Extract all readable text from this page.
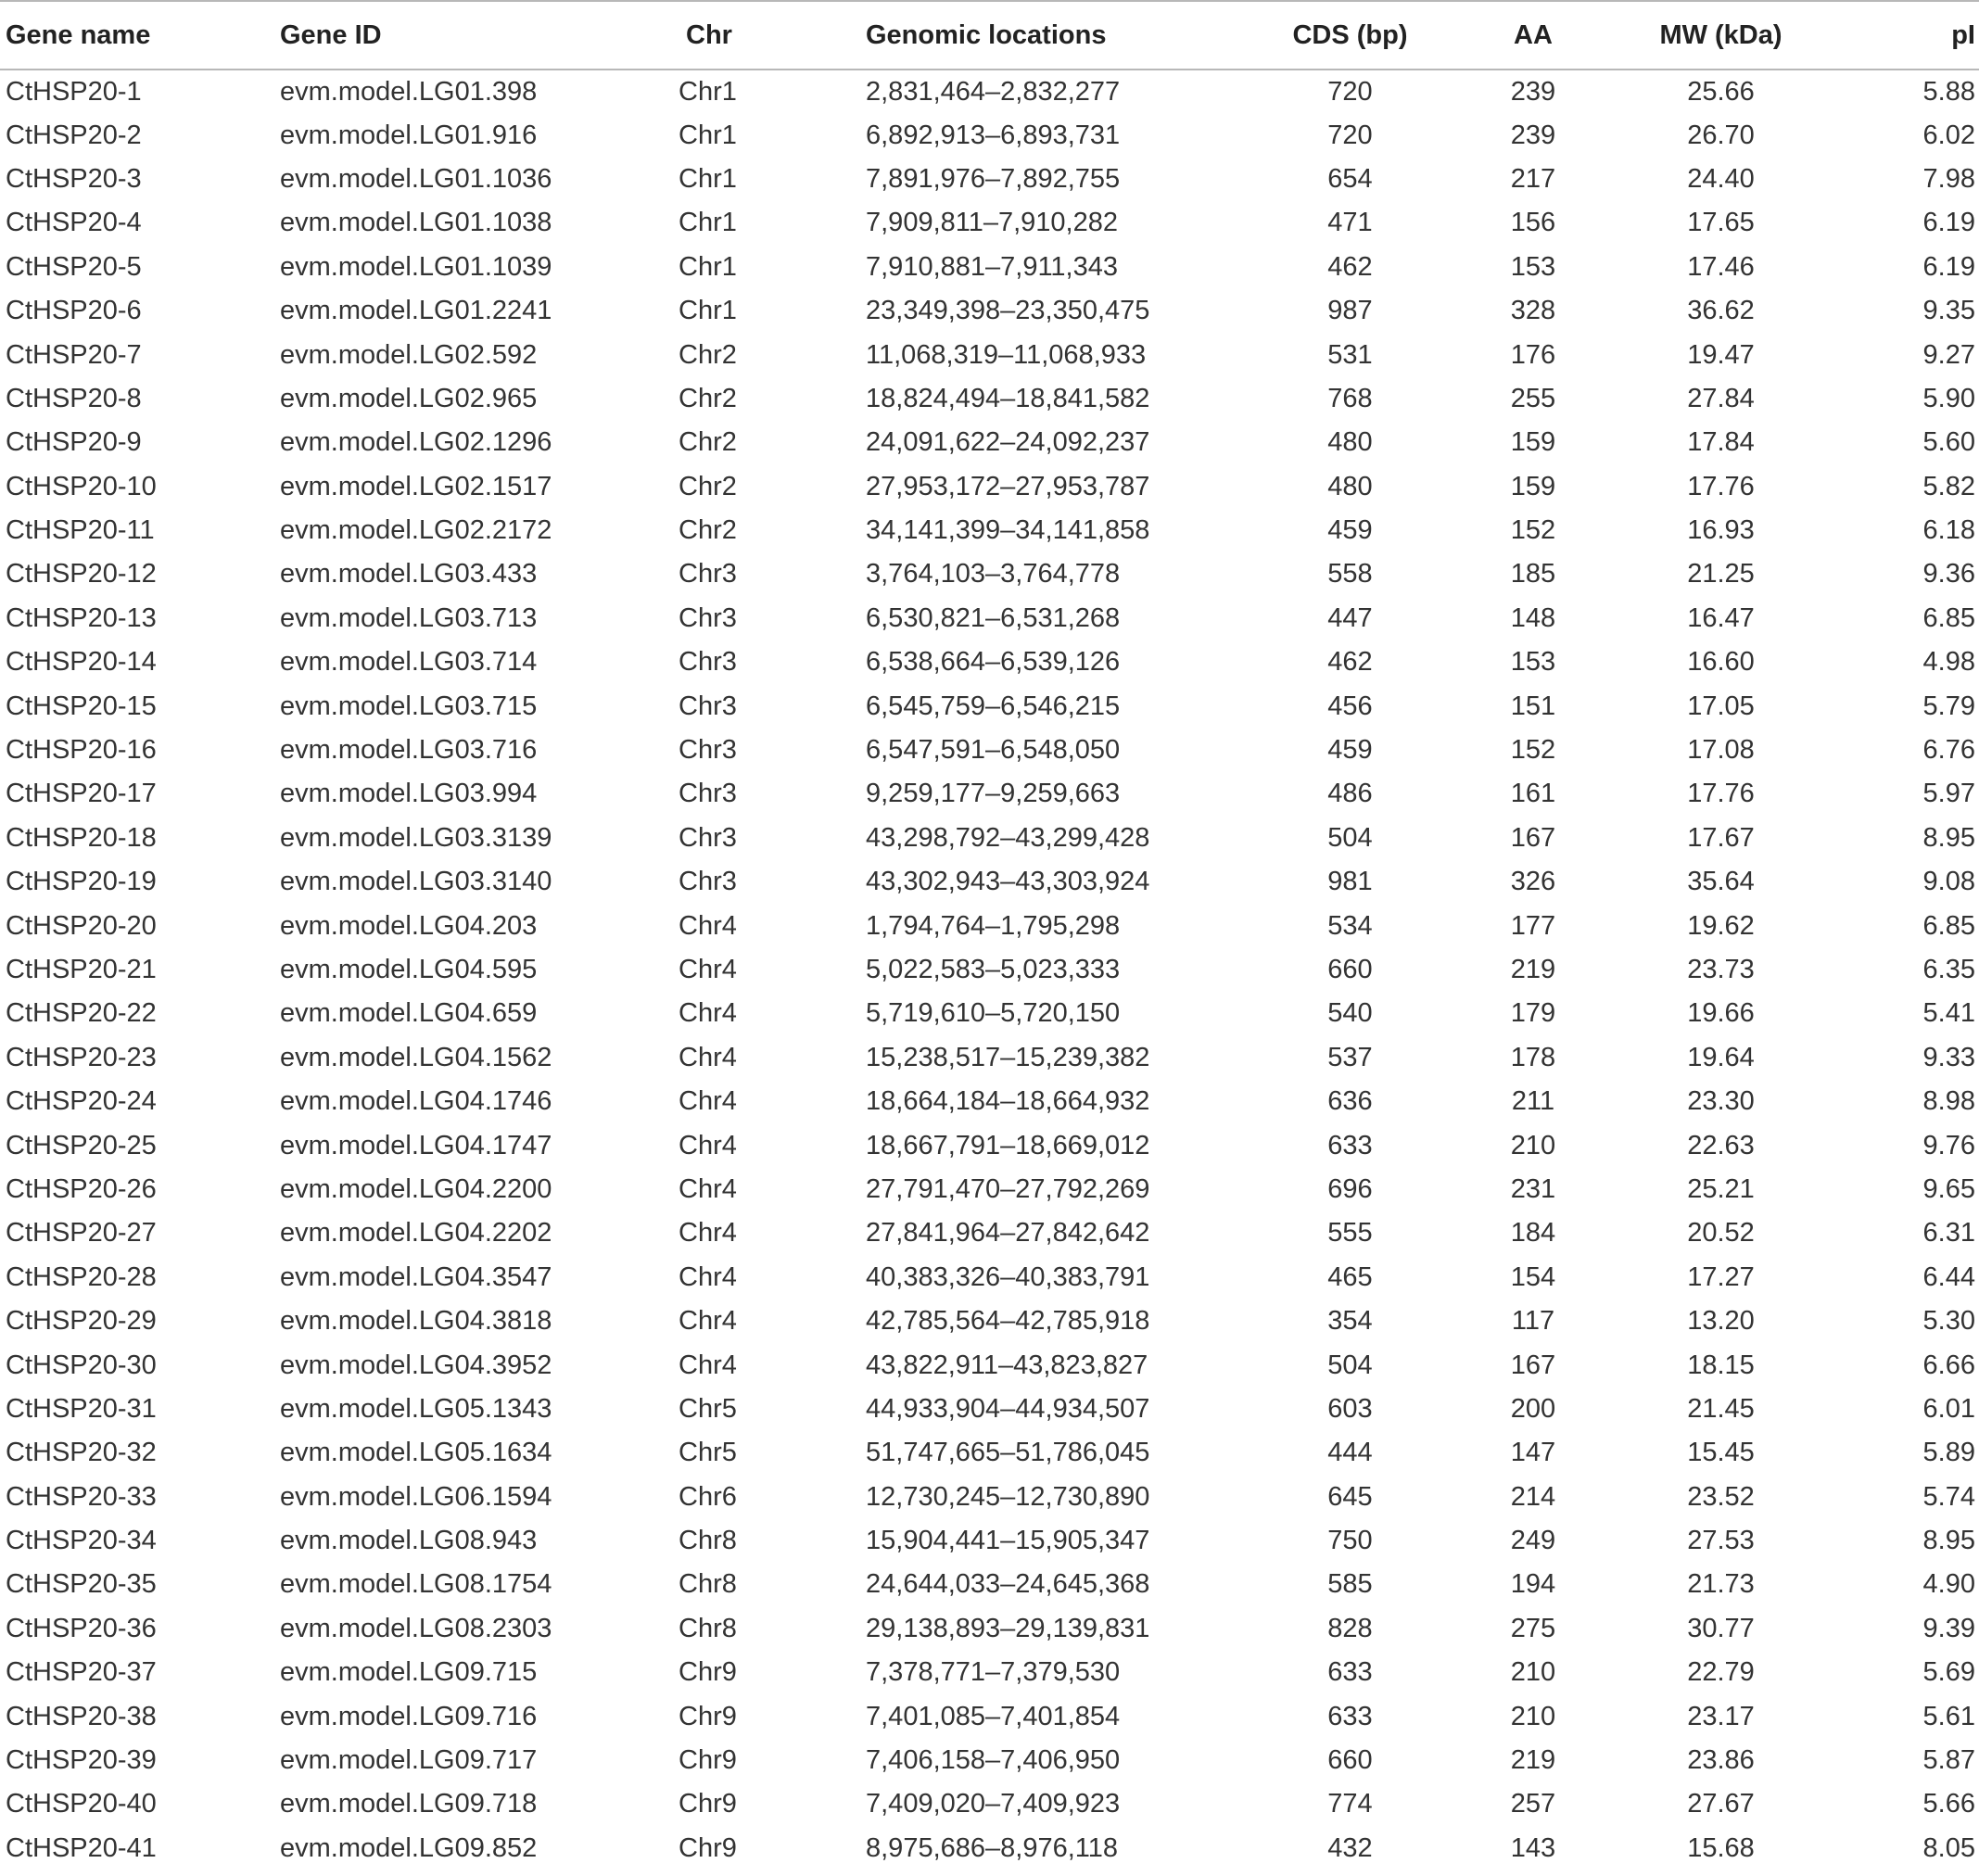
Gene name	Gene ID	Chr	Genomic locations	CDS (bp)	AA	MW (kDa)	pI
CtHSP20-1	evm.model.LG01.398	Chr1	2,831,464–2,832,277	720	239	25.66	5.88
CtHSP20-2	evm.model.LG01.916	Chr1	6,892,913–6,893,731	720	239	26.70	6.02
CtHSP20-3	evm.model.LG01.1036	Chr1	7,891,976–7,892,755	654	217	24.40	7.98
CtHSP20-4	evm.model.LG01.1038	Chr1	7,909,811–7,910,282	471	156	17.65	6.19
CtHSP20-5	evm.model.LG01.1039	Chr1	7,910,881–7,911,343	462	153	17.46	6.19
CtHSP20-6	evm.model.LG01.2241	Chr1	23,349,398–23,350,475	987	328	36.62	9.35
CtHSP20-7	evm.model.LG02.592	Chr2	11,068,319–11,068,933	531	176	19.47	9.27
CtHSP20-8	evm.model.LG02.965	Chr2	18,824,494–18,841,582	768	255	27.84	5.90
CtHSP20-9	evm.model.LG02.1296	Chr2	24,091,622–24,092,237	480	159	17.84	5.60
CtHSP20-10	evm.model.LG02.1517	Chr2	27,953,172–27,953,787	480	159	17.76	5.82
CtHSP20-11	evm.model.LG02.2172	Chr2	34,141,399–34,141,858	459	152	16.93	6.18
CtHSP20-12	evm.model.LG03.433	Chr3	3,764,103–3,764,778	558	185	21.25	9.36
CtHSP20-13	evm.model.LG03.713	Chr3	6,530,821–6,531,268	447	148	16.47	6.85
CtHSP20-14	evm.model.LG03.714	Chr3	6,538,664–6,539,126	462	153	16.60	4.98
CtHSP20-15	evm.model.LG03.715	Chr3	6,545,759–6,546,215	456	151	17.05	5.79
CtHSP20-16	evm.model.LG03.716	Chr3	6,547,591–6,548,050	459	152	17.08	6.76
CtHSP20-17	evm.model.LG03.994	Chr3	9,259,177–9,259,663	486	161	17.76	5.97
CtHSP20-18	evm.model.LG03.3139	Chr3	43,298,792–43,299,428	504	167	17.67	8.95
CtHSP20-19	evm.model.LG03.3140	Chr3	43,302,943–43,303,924	981	326	35.64	9.08
CtHSP20-20	evm.model.LG04.203	Chr4	1,794,764–1,795,298	534	177	19.62	6.85
CtHSP20-21	evm.model.LG04.595	Chr4	5,022,583–5,023,333	660	219	23.73	6.35
CtHSP20-22	evm.model.LG04.659	Chr4	5,719,610–5,720,150	540	179	19.66	5.41
CtHSP20-23	evm.model.LG04.1562	Chr4	15,238,517–15,239,382	537	178	19.64	9.33
CtHSP20-24	evm.model.LG04.1746	Chr4	18,664,184–18,664,932	636	211	23.30	8.98
CtHSP20-25	evm.model.LG04.1747	Chr4	18,667,791–18,669,012	633	210	22.63	9.76
CtHSP20-26	evm.model.LG04.2200	Chr4	27,791,470–27,792,269	696	231	25.21	9.65
CtHSP20-27	evm.model.LG04.2202	Chr4	27,841,964–27,842,642	555	184	20.52	6.31
CtHSP20-28	evm.model.LG04.3547	Chr4	40,383,326–40,383,791	465	154	17.27	6.44
CtHSP20-29	evm.model.LG04.3818	Chr4	42,785,564–42,785,918	354	117	13.20	5.30
CtHSP20-30	evm.model.LG04.3952	Chr4	43,822,911–43,823,827	504	167	18.15	6.66
CtHSP20-31	evm.model.LG05.1343	Chr5	44,933,904–44,934,507	603	200	21.45	6.01
CtHSP20-32	evm.model.LG05.1634	Chr5	51,747,665–51,786,045	444	147	15.45	5.89
CtHSP20-33	evm.model.LG06.1594	Chr6	12,730,245–12,730,890	645	214	23.52	5.74
CtHSP20-34	evm.model.LG08.943	Chr8	15,904,441–15,905,347	750	249	27.53	8.95
CtHSP20-35	evm.model.LG08.1754	Chr8	24,644,033–24,645,368	585	194	21.73	4.90
CtHSP20-36	evm.model.LG08.2303	Chr8	29,138,893–29,139,831	828	275	30.77	9.39
CtHSP20-37	evm.model.LG09.715	Chr9	7,378,771–7,379,530	633	210	22.79	5.69
CtHSP20-38	evm.model.LG09.716	Chr9	7,401,085–7,401,854	633	210	23.17	5.61
CtHSP20-39	evm.model.LG09.717	Chr9	7,406,158–7,406,950	660	219	23.86	5.87
CtHSP20-40	evm.model.LG09.718	Chr9	7,409,020–7,409,923	774	257	27.67	5.66
CtHSP20-41	evm.model.LG09.852	Chr9	8,975,686–8,976,118	432	143	15.68	8.05
